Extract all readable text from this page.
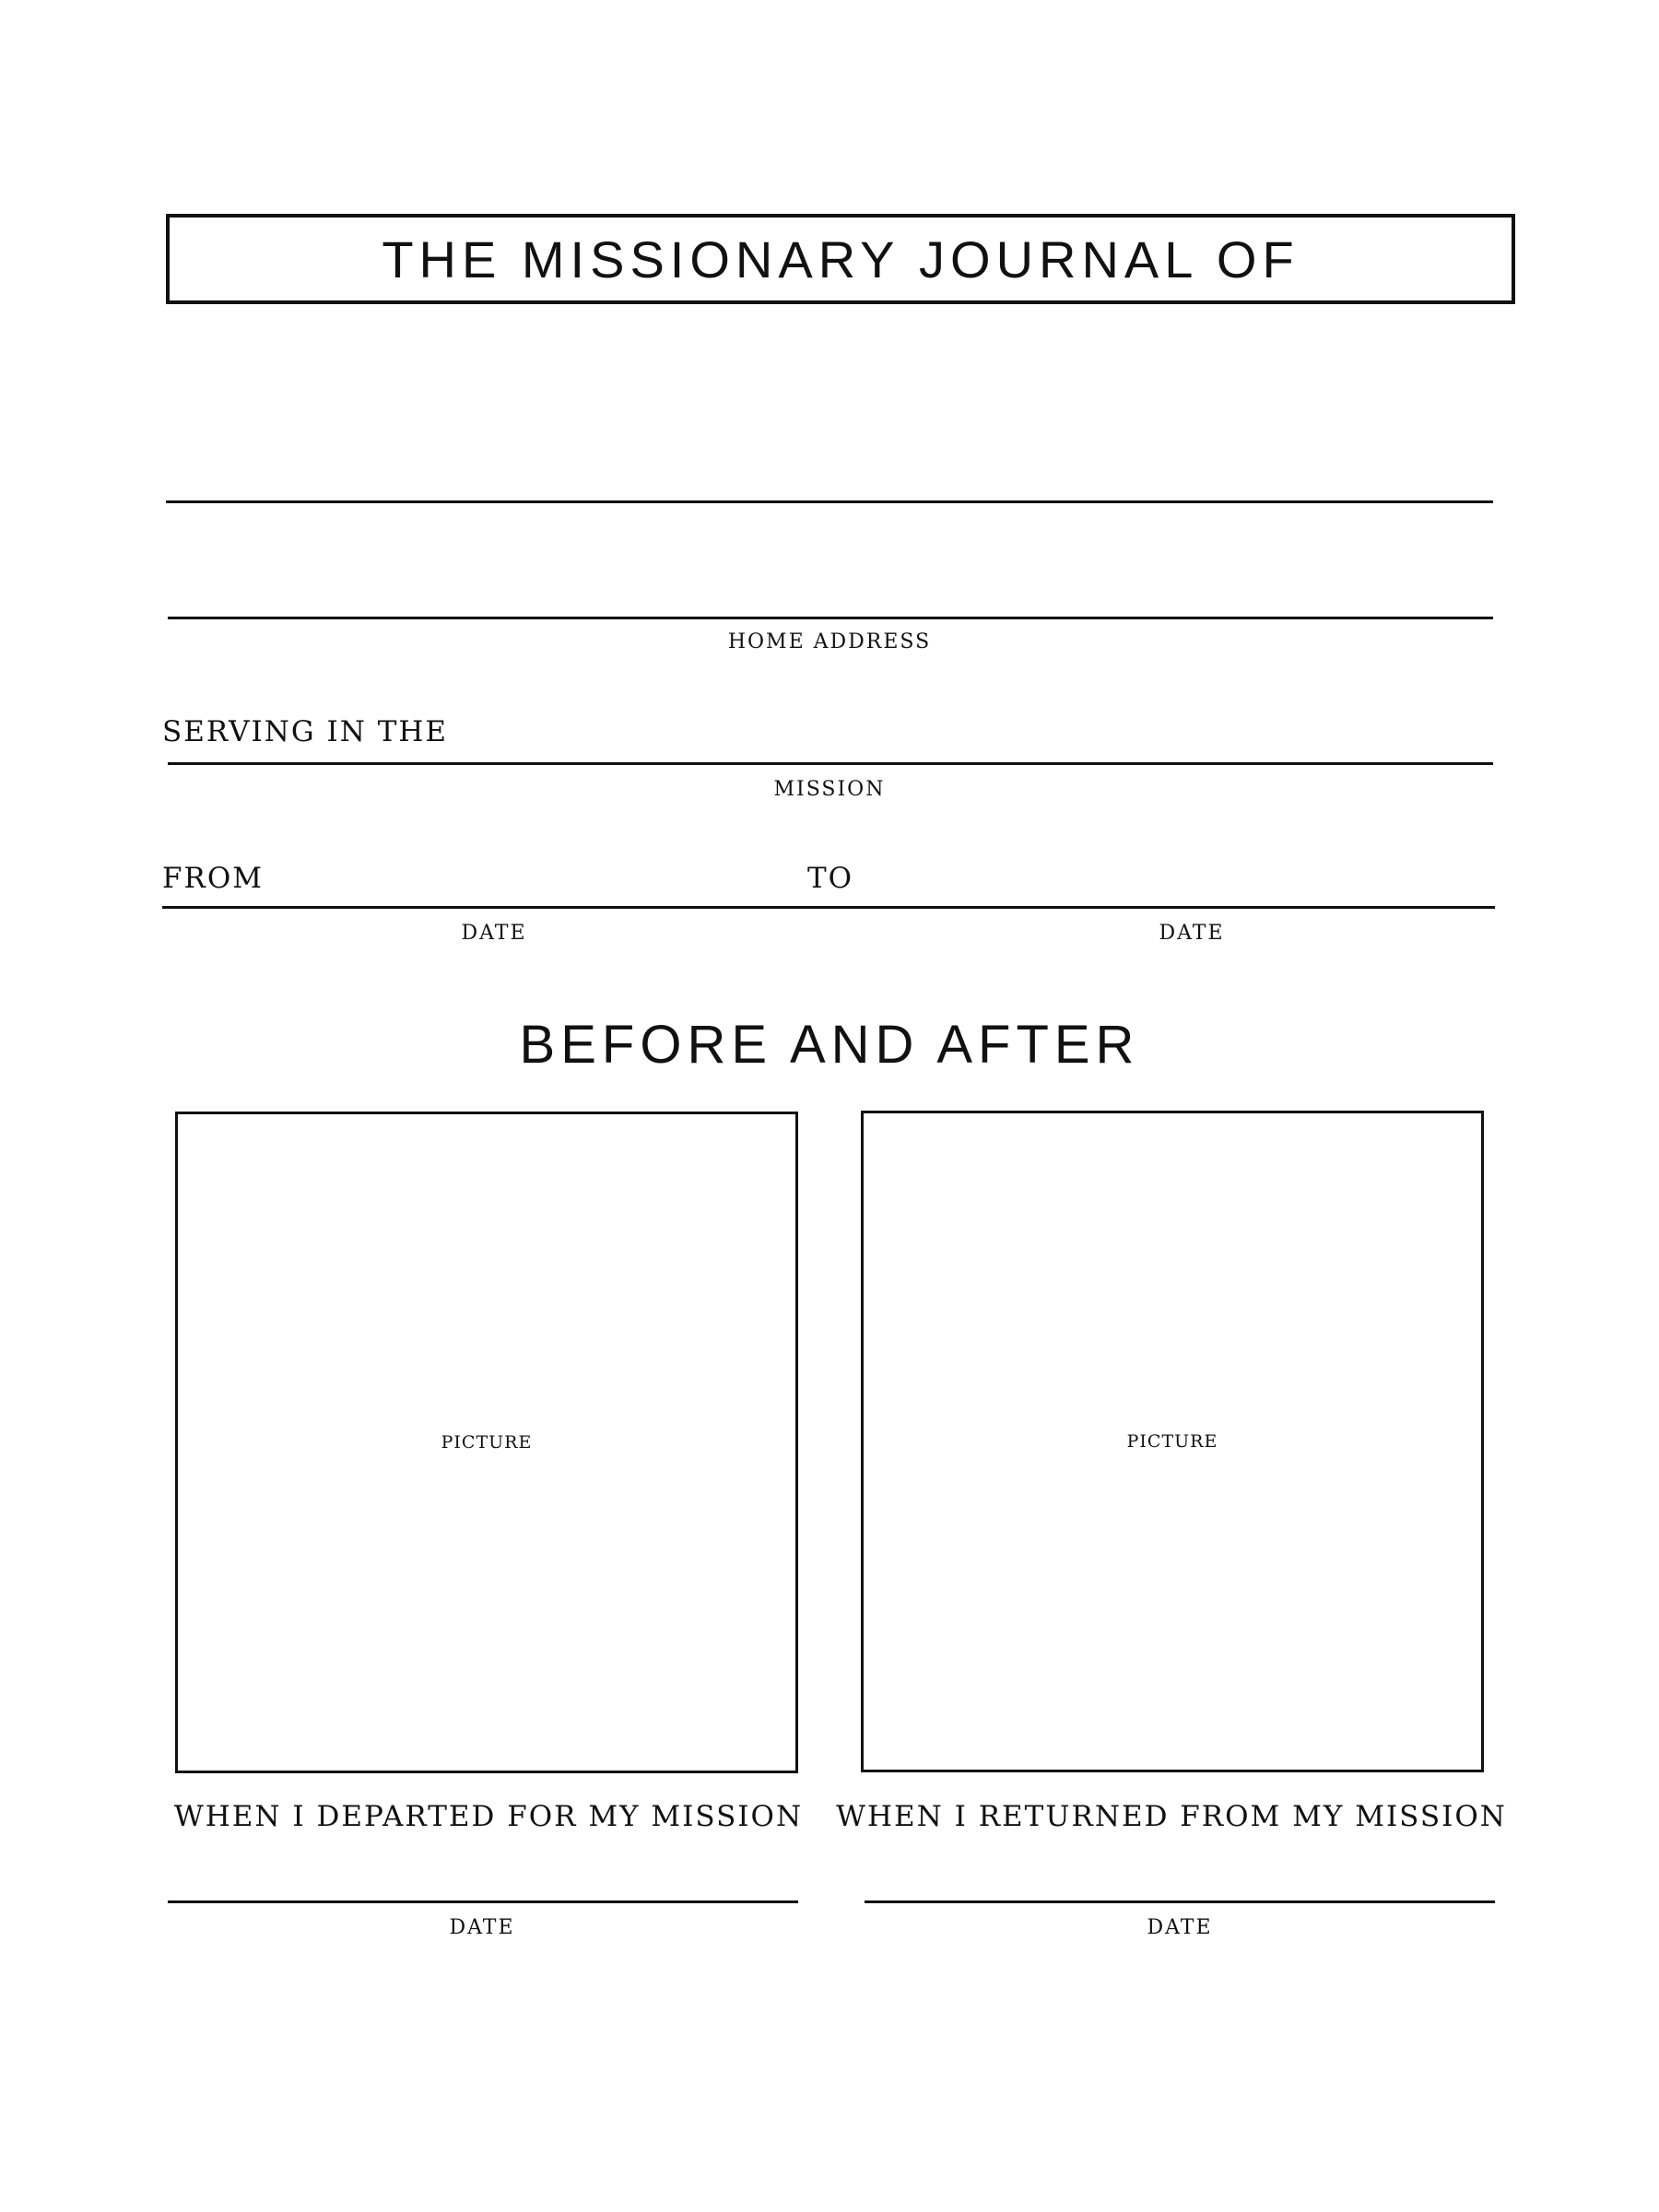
THE MISSIONARY JOURNAL OF
HOME ADDRESS
SERVING IN THE
MISSION
FROM	TO
DATE	DATE
BEFORE AND AFTER
PICTURE
WHEN I DEPARTED FOR MY MISSION
DATE
PICTURE
WHEN I RETURNED FROM MY MISSION
DATE
